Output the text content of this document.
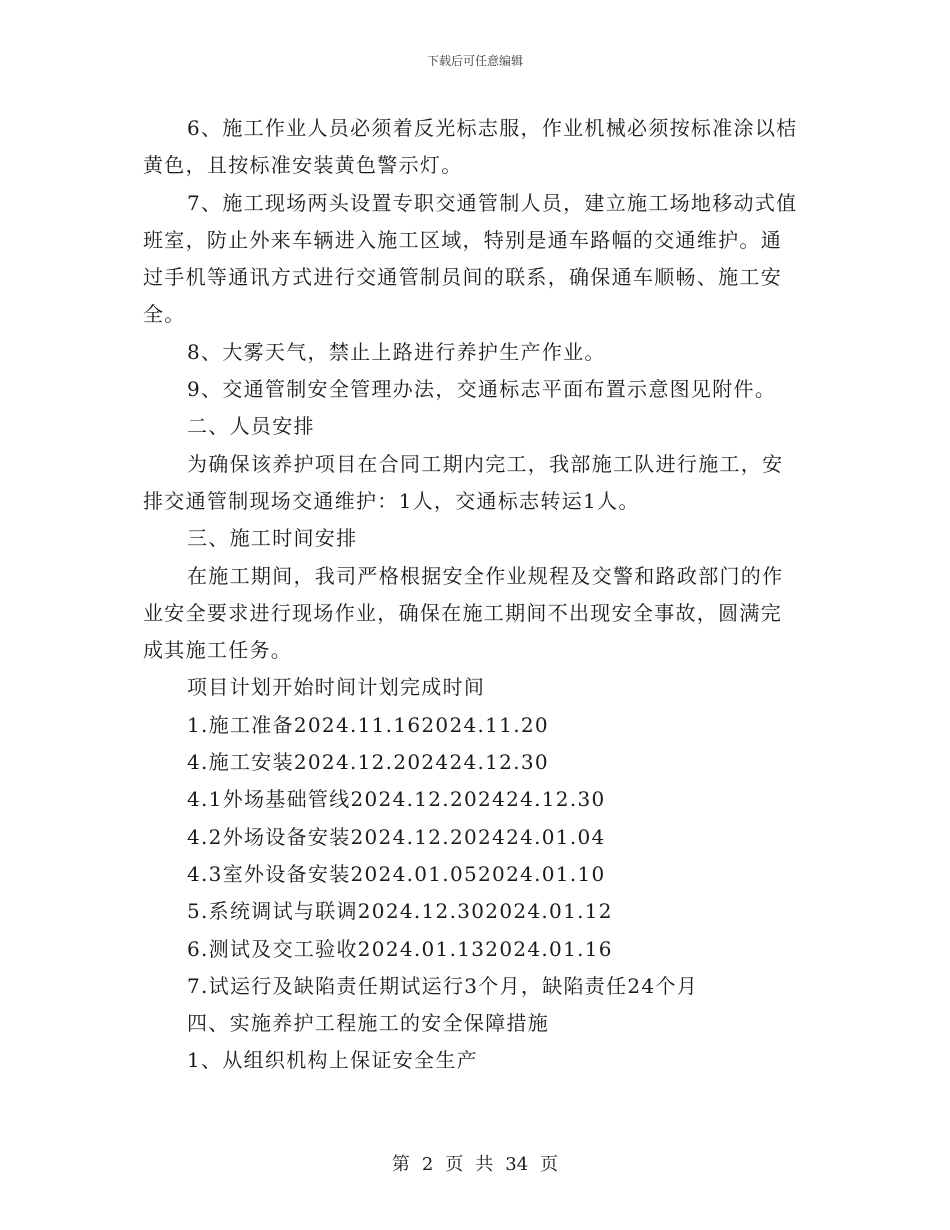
下载后可任意编辑
6、施工作业人员必须着反光标志服，作业机械必须按标准涂以桔
黄色，且按标准安装黄色警示灯。
7、施工现场两头设置专职交通管制人员，建立施工场地移动式值
班室，防止外来车辆进入施工区域，特别是通车路幅的交通维护。通
过手机等通讯方式进行交通管制员间的联系，确保通车顺畅、施工安
全。
8、大雾天气，禁止上路进行养护生产作业。
9、交通管制安全管理办法，交通标志平面布置示意图见附件。
二、人员安排
为确保该养护项目在合同工期内完工，我部施工队进行施工，安
排交通管制现场交通维护：1人，交通标志转运1人。
三、施工时间安排
在施工期间，我司严格根据安全作业规程及交警和路政部门的作
业安全要求进行现场作业，确保在施工期间不出现安全事故，圆满完
成其施工任务。
项目计划开始时间计划完成时间
1.施工准备2024.11.162024.11.20
4.施工安装2024.12.202424.12.30
4.1外场基础管线2024.12.202424.12.30
4.2外场设备安装2024.12.202424.01.04
4.3室外设备安装2024.01.052024.01.10
5.系统调试与联调2024.12.302024.01.12
6.测试及交工验收2024.01.132024.01.16
7.试运行及缺陷责任期试运行3个月，缺陷责任24个月
四、实施养护工程施工的安全保障措施
1、从组织机构上保证安全生产
第 2 页 共 34 页
